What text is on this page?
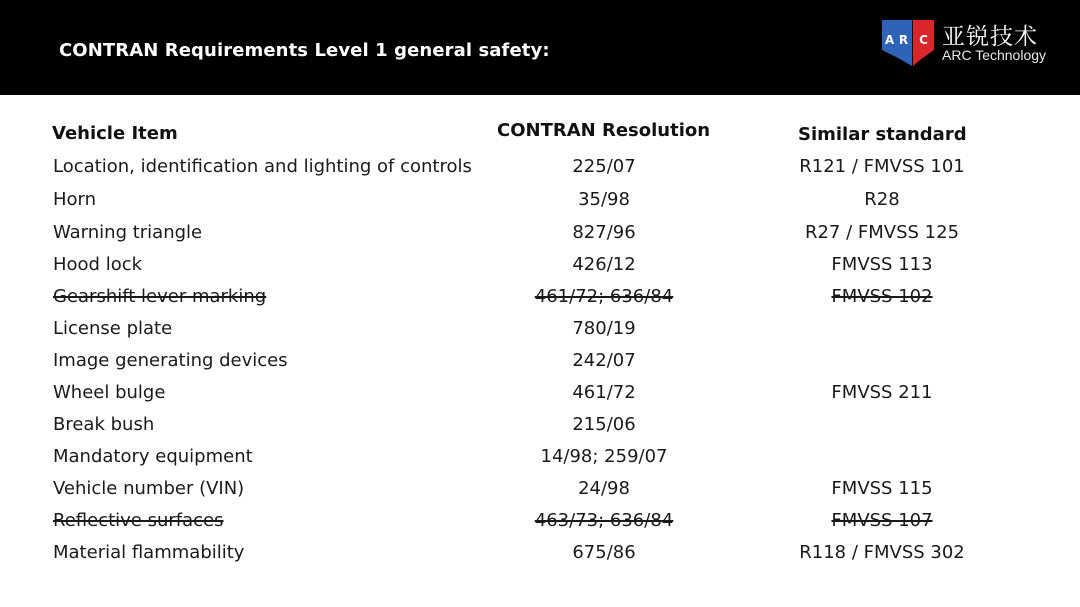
CONTRAN Requirements Level 1 general safety:	A R C 亚锐技术
ARC Technology
Vehicle Item	CONTRAN Resolution	Similar standard
Location, identification and lighting of controls	225/07	R121 / FMVSS 101
Horn	35/98	R28
Warning triangle	827/96	R27 / FMVSS 125
Hood lock	426/12	FMVSS 113
Gearshift lever marking	461/72; 636/84	FMVSS 102
License plate	780/19
Image generating devices	242/07
Wheel bulge	461/72	FMVSS 211
Break bush	215/06
Mandatory equipment	14/98; 259/07
Vehicle number (VIN)	24/98	FMVSS 115
Reflective surfaces	463/73; 636/84	FMVSS 107
Material flammability	675/86	R118 / FMVSS 302
